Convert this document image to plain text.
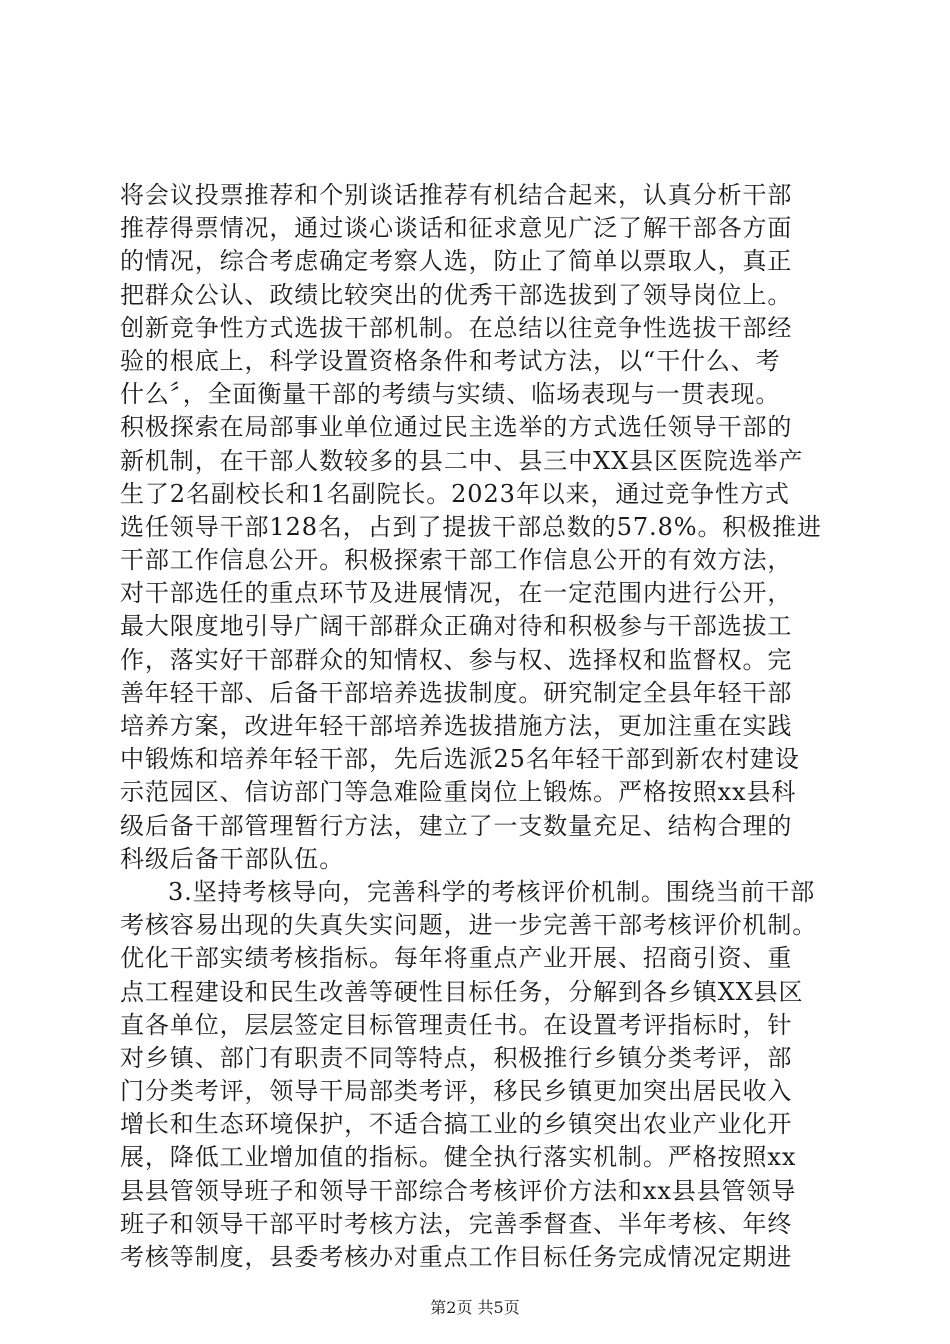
将会议投票推荐和个别谈话推荐有机结合起来，认真分析干部
推荐得票情况，通过谈心谈话和征求意见广泛了解干部各方面
的情况，综合考虑确定考察人选，防止了简单以票取人，真正
把群众公认、政绩比较突出的优秀干部选拔到了领导岗位上。
创新竞争性方式选拔干部机制。在总结以往竞争性选拔干部经
验的根底上，科学设置资格条件和考试方法，以“干什么、考
什么〞，全面衡量干部的考绩与实绩、临场表现与一贯表现。
积极探索在局部事业单位通过民主选举的方式选任领导干部的
新机制，在干部人数较多的县二中、县三中XX县区医院选举产
生了2名副校长和1名副院长。2023年以来，通过竞争性方式
选任领导干部128名，占到了提拔干部总数的57.8%。积极推进
干部工作信息公开。积极探索干部工作信息公开的有效方法，
对干部选任的重点环节及进展情况，在一定范围内进行公开，
最大限度地引导广阔干部群众正确对待和积极参与干部选拔工
作，落实好干部群众的知情权、参与权、选择权和监督权。完
善年轻干部、后备干部培养选拔制度。研究制定全县年轻干部
培养方案，改进年轻干部培养选拔措施方法，更加注重在实践
中锻炼和培养年轻干部，先后选派25名年轻干部到新农村建设
示范园区、信访部门等急难险重岗位上锻炼。严格按照xx县科
级后备干部管理暂行方法，建立了一支数量充足、结构合理的
科级后备干部队伍。
3.坚持考核导向，完善科学的考核评价机制。围绕当前干部
考核容易出现的失真失实问题，进一步完善干部考核评价机制。
优化干部实绩考核指标。每年将重点产业开展、招商引资、重
点工程建设和民生改善等硬性目标任务，分解到各乡镇XX县区
直各单位，层层签定目标管理责任书。在设置考评指标时，针
对乡镇、部门有职责不同等特点，积极推行乡镇分类考评，部
门分类考评，领导干局部类考评，移民乡镇更加突出居民收入
增长和生态环境保护，不适合搞工业的乡镇突出农业产业化开
展，降低工业增加值的指标。健全执行落实机制。严格按照xx
县县管领导班子和领导干部综合考核评价方法和xx县县管领导
班子和领导干部平时考核方法，完善季督查、半年考核、年终
考核等制度，县委考核办对重点工作目标任务完成情况定期进
第2页 共5页
